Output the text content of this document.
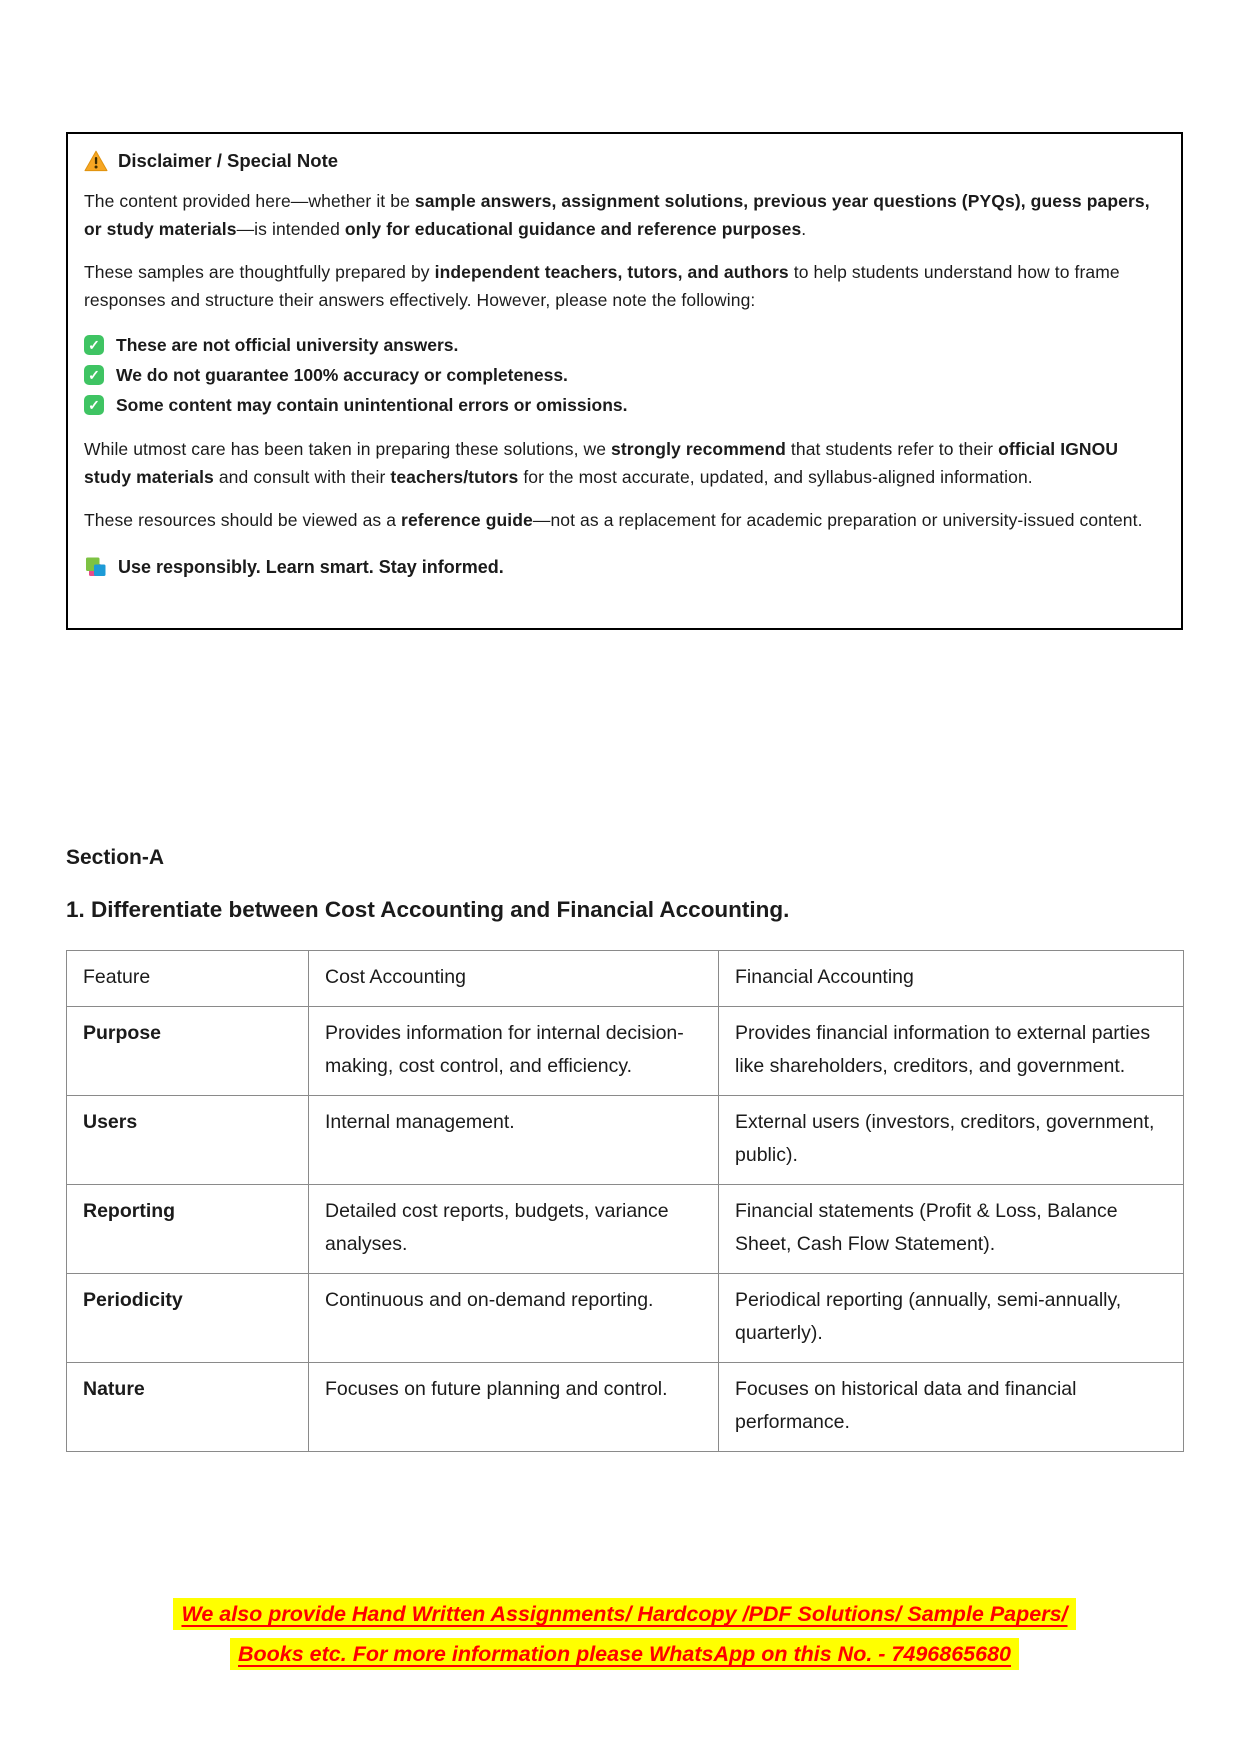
Disclaimer / Special Note

The content provided here—whether it be sample answers, assignment solutions, previous year questions (PYQs), guess papers, or study materials—is intended only for educational guidance and reference purposes.

These samples are thoughtfully prepared by independent teachers, tutors, and authors to help students understand how to frame responses and structure their answers effectively. However, please note the following:

✓ These are not official university answers.
✓ We do not guarantee 100% accuracy or completeness.
✓ Some content may contain unintentional errors or omissions.

While utmost care has been taken in preparing these solutions, we strongly recommend that students refer to their official IGNOU study materials and consult with their teachers/tutors for the most accurate, updated, and syllabus-aligned information.

These resources should be viewed as a reference guide—not as a replacement for academic preparation or university-issued content.

Use responsibly. Learn smart. Stay informed.
Section-A
1. Differentiate between Cost Accounting and Financial Accounting.
Feature	Cost Accounting	Financial Accounting
Purpose	Provides information for internal decision-making, cost control, and efficiency.	Provides financial information to external parties like shareholders, creditors, and government.
Users	Internal management.	External users (investors, creditors, government, public).
Reporting	Detailed cost reports, budgets, variance analyses.	Financial statements (Profit & Loss, Balance Sheet, Cash Flow Statement).
Periodicity	Continuous and on-demand reporting.	Periodical reporting (annually, semi-annually, quarterly).
Nature	Focuses on future planning and control.	Focuses on historical data and financial performance.
We also provide Hand Written Assignments/ Hardcopy /PDF Solutions/ Sample Papers/
Books etc. For more information please WhatsApp on this No. - 7496865680
